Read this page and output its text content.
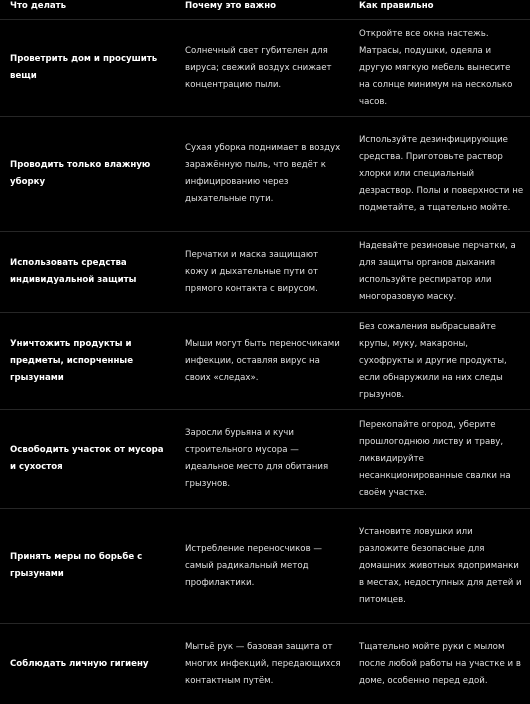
Что делать	Почему это важно	Как правильно
Проветрить дом и просушить вещи	Солнечный свет губителен для вируса; свежий воздух снижает концентрацию пыли.	Откройте все окна настежь. Матрасы, подушки, одеяла и другую мягкую мебель вынесите на солнце минимум на несколько часов.
Проводить только влажную уборку	Сухая уборка поднимает в воздух заражённую пыль, что ведёт к инфицированию через дыхательные пути.	Используйте дезинфицирующие средства. Приготовьте раствор хлорки или специальный дезраствор. Полы и поверхности не подметайте, а тщательно мойте.
Использовать средства индивидуальной защиты	Перчатки и маска защищают кожу и дыхательные пути от прямого контакта с вирусом.	Надевайте резиновые перчатки, а для защиты органов дыхания используйте респиратор или многоразовую маску.
Уничтожить продукты и предметы, испорченные грызунами	Мыши могут быть переносчиками инфекции, оставляя вирус на своих «следах».	Без сожаления выбрасывайте крупы, муку, макароны, сухофрукты и другие продукты, если обнаружили на них следы грызунов.
Освободить участок от мусора и сухостоя	Заросли бурьяна и кучи строительного мусора — идеальное место для обитания грызунов.	Перекопайте огород, уберите прошлогоднюю листву и траву, ликвидируйте несанкционированные свалки на своём участке.
Принять меры по борьбе с грызунами	Истребление переносчиков — самый радикальный метод профилактики.	Установите ловушки или разложите безопасные для домашних животных ядоприманки в местах, недоступных для детей и питомцев.
Соблюдать личную гигиену	Мытьё рук — базовая защита от многих инфекций, передающихся контактным путём.	Тщательно мойте руки с мылом после любой работы на участке и в доме, особенно перед едой.
